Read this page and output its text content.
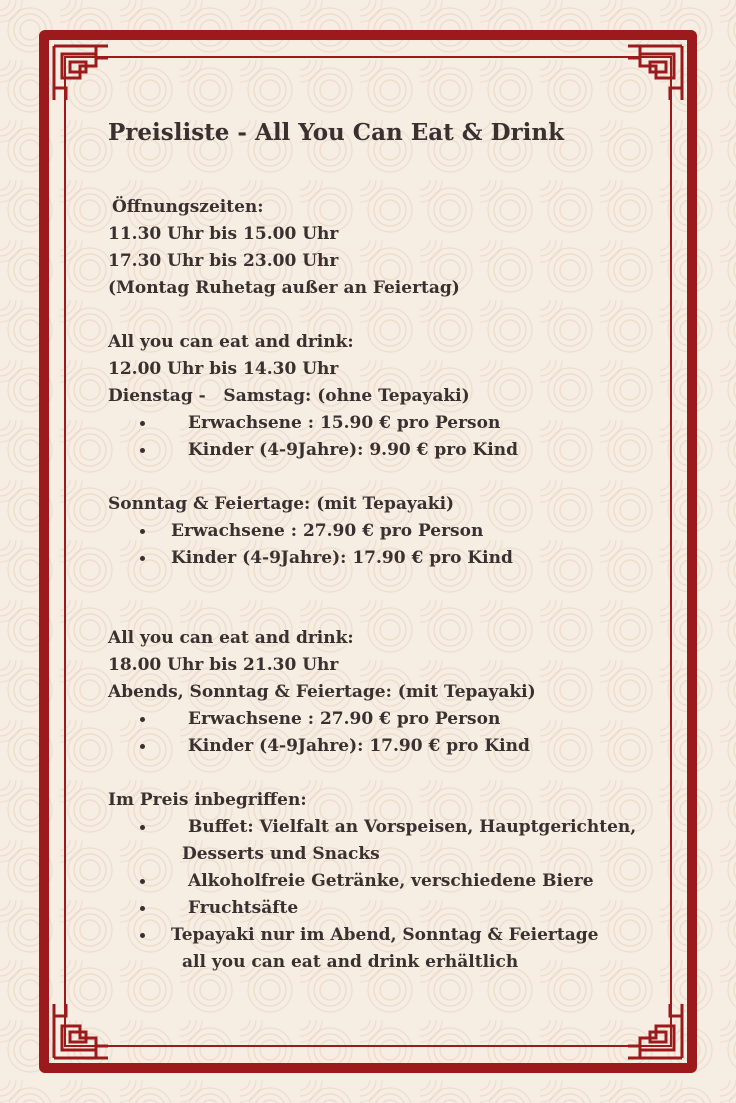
Preisliste - All You Can Eat & Drink
Öffnungszeiten:
11.30 Uhr bis 15.00 Uhr
17.30 Uhr bis 23.00 Uhr
(Montag Ruhetag außer an Feiertag)
All you can eat and drink:
12.00 Uhr bis 14.30 Uhr
Dienstag -   Samstag: (ohne Tepayaki)
Erwachsene : 15.90 € pro Person
Kinder (4-9Jahre): 9.90 € pro Kind
Sonntag & Feiertage: (mit Tepayaki)
Erwachsene : 27.90 € pro Person
Kinder (4-9Jahre): 17.90 € pro Kind
All you can eat and drink:
18.00 Uhr bis 21.30 Uhr
Abends, Sonntag & Feiertage: (mit Tepayaki)
Erwachsene : 27.90 € pro Person
Kinder (4-9Jahre): 17.90 € pro Kind
Im Preis inbegriffen:
Buffet: Vielfalt an Vorspeisen, Hauptgerichten,
Desserts und Snacks
Alkoholfreie Getränke, verschiedene Biere
Fruchtsäfte
Tepayaki nur im Abend, Sonntag & Feiertage
all you can eat and drink erhältlich
